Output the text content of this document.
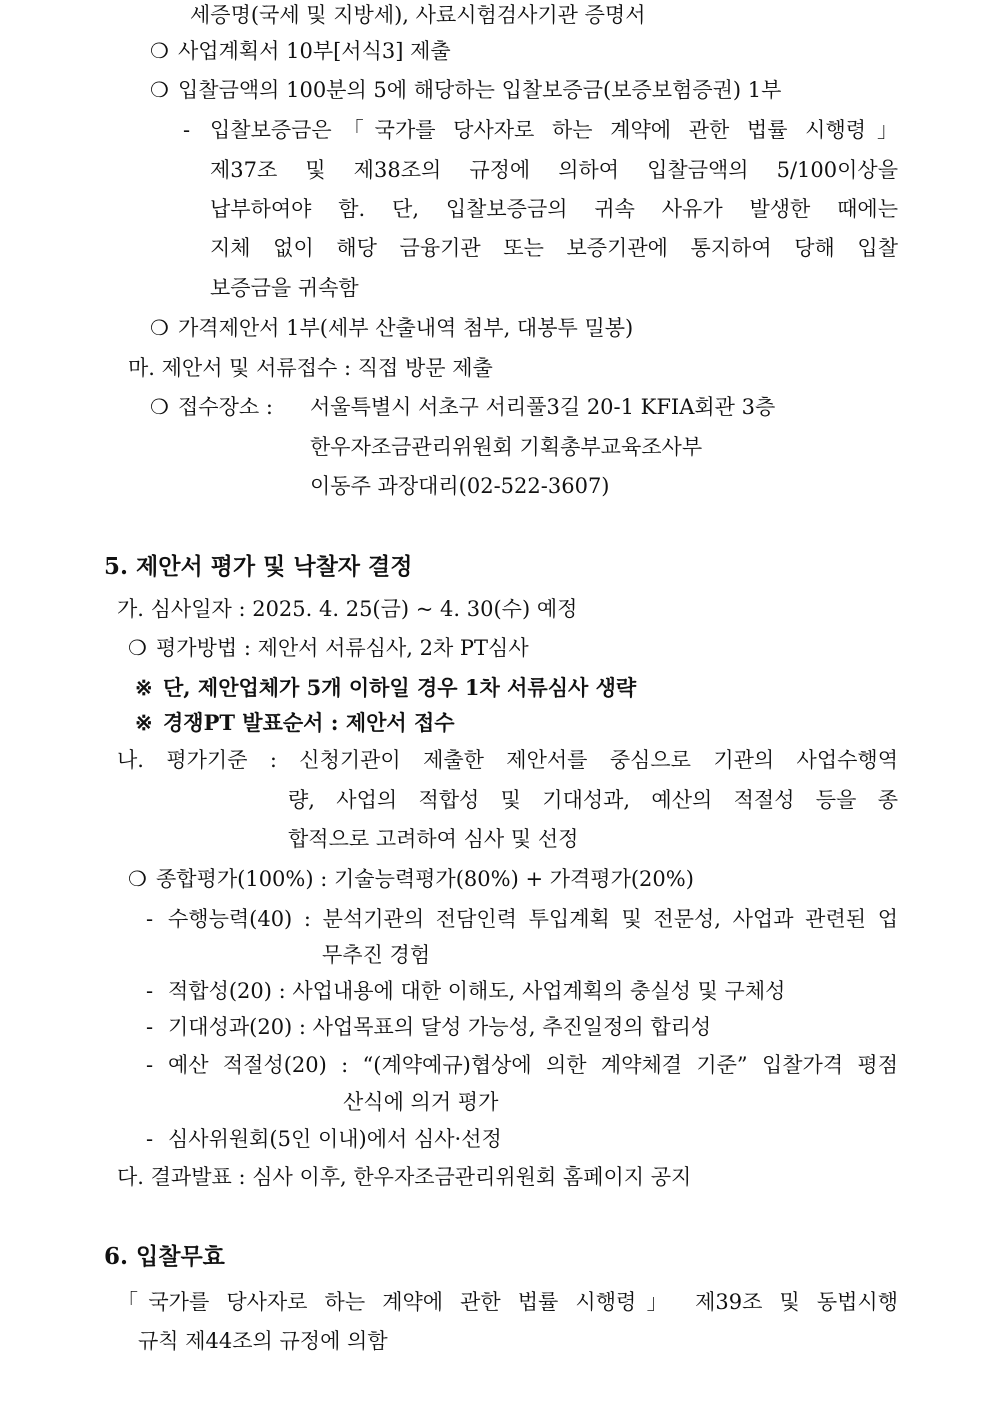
세증명(국세 및 지방세), 사료시험검사기관 증명서
❍ 사업계획서 10부[서식3] 제출
❍ 입찰금액의 100분의 5에 해당하는 입찰보증금(보증보험증권) 1부
- 입찰보증금은「국가를 당사자로 하는 계약에 관한 법률 시행령」
제37조 및 제38조의 규정에 의하여 입찰금액의 5/100이상을
납부하여야 함. 단, 입찰보증금의 귀속 사유가 발생한 때에는
지체 없이 해당 금융기관 또는 보증기관에 통지하여 당해 입찰
보증금을 귀속함
❍ 가격제안서 1부(세부 산출내역 첨부, 대봉투 밀봉)
마. 제안서 및 서류접수 : 직접 방문 제출
❍ 접수장소 : 서울특별시 서초구 서리풀3길 20-1 KFIA회관 3층
한우자조금관리위원회 기획총부교육조사부
이동주 과장대리(02-522-3607)
5. 제안서 평가 및 낙찰자 결정
가. 심사일자 : 2025. 4. 25(금) ~ 4. 30(수) 예정
❍ 평가방법 : 제안서 서류심사, 2차 PT심사
※ 단, 제안업체가 5개 이하일 경우 1차 서류심사 생략
※ 경쟁PT 발표순서 : 제안서 접수
나. 평가기준 : 신청기관이 제출한 제안서를 중심으로 기관의 사업수행역
량, 사업의 적합성 및 기대성과, 예산의 적절성 등을 종
합적으로 고려하여 심사 및 선정
❍ 종합평가(100%) : 기술능력평가(80%) + 가격평가(20%)
- 수행능력(40) : 분석기관의 전담인력 투입계획 및 전문성, 사업과 관련된 업
무추진 경험
- 적합성(20) : 사업내용에 대한 이해도, 사업계획의 충실성 및 구체성
- 기대성과(20) : 사업목표의 달성 가능성, 추진일정의 합리성
- 예산 적절성(20) : “(계약예규)협상에 의한 계약체결 기준” 입찰가격 평점
산식에 의거 평가
- 심사위원회(5인 이내)에서 심사·선정
다. 결과발표 : 심사 이후, 한우자조금관리위원회 홈페이지 공지
6. 입찰무효
「국가를 당사자로 하는 계약에 관한 법률 시행령」 제39조 및 동법시행
규칙 제44조의 규정에 의함
